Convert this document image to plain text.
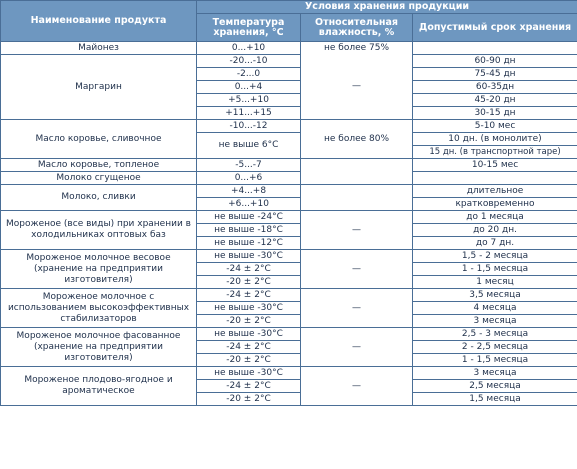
Наименование продукта	Условия хранения продукции		
	Температура хранения, °С	Относительная влажность, %	Допустимый срок хранения
Майонез	0...+10	не более 75%	
Маргарин	-20...-10	—	60-90 дн
	-2...0		75-45 дн
	0...+4		60-35дн
	+5...+10		45-20 дн
	+11...+15		30-15 дн
Масло коровье, сливочное	-10...-12	не более 80%	5-10 мес
	не выше 6°С		10 дн. (в монолите)
			15 дн. (в транспортной таре)

Масло коровье, топленое	-5...-7		10-15 мес
Молоко сгущеное	0...+6		
Молоко, сливки	+4...+8		длительное
	+6...+10		кратковременно
Мороженое (все виды) при хранении в холодильниках оптовых баз	не выше -24°С	—	до 1 месяца
	не выше -18°С		до 20 дн.
	не выше -12°С		до 7 дн.
Мороженое молочное весовое (хранение на предприятии изготовителя)	не выше -30°С	—	1,5 - 2 месяца
	-24 ± 2°С		1 - 1,5 месяца
	-20 ± 2°С		1 месяц
Мороженое молочное с использованием высокоэффективных стабилизаторов	-24 ± 2°С	—	3,5 месяца
	не выше -30°С		4 месяца
	-20 ± 2°С		3 месяца
Мороженое молочное фасованное (хранение на предприятии изготовителя)	не выше -30°С	—	2,5 - 3 месяца
	-24 ± 2°С		2 - 2,5 месяца
	-20 ± 2°С		1 - 1,5 месяца
Мороженое плодово-ягодное и ароматическое	не выше -30°С	—	3 месяца
	-24 ± 2°С		2,5 месяца
	-20 ± 2°С		1,5 месяца
